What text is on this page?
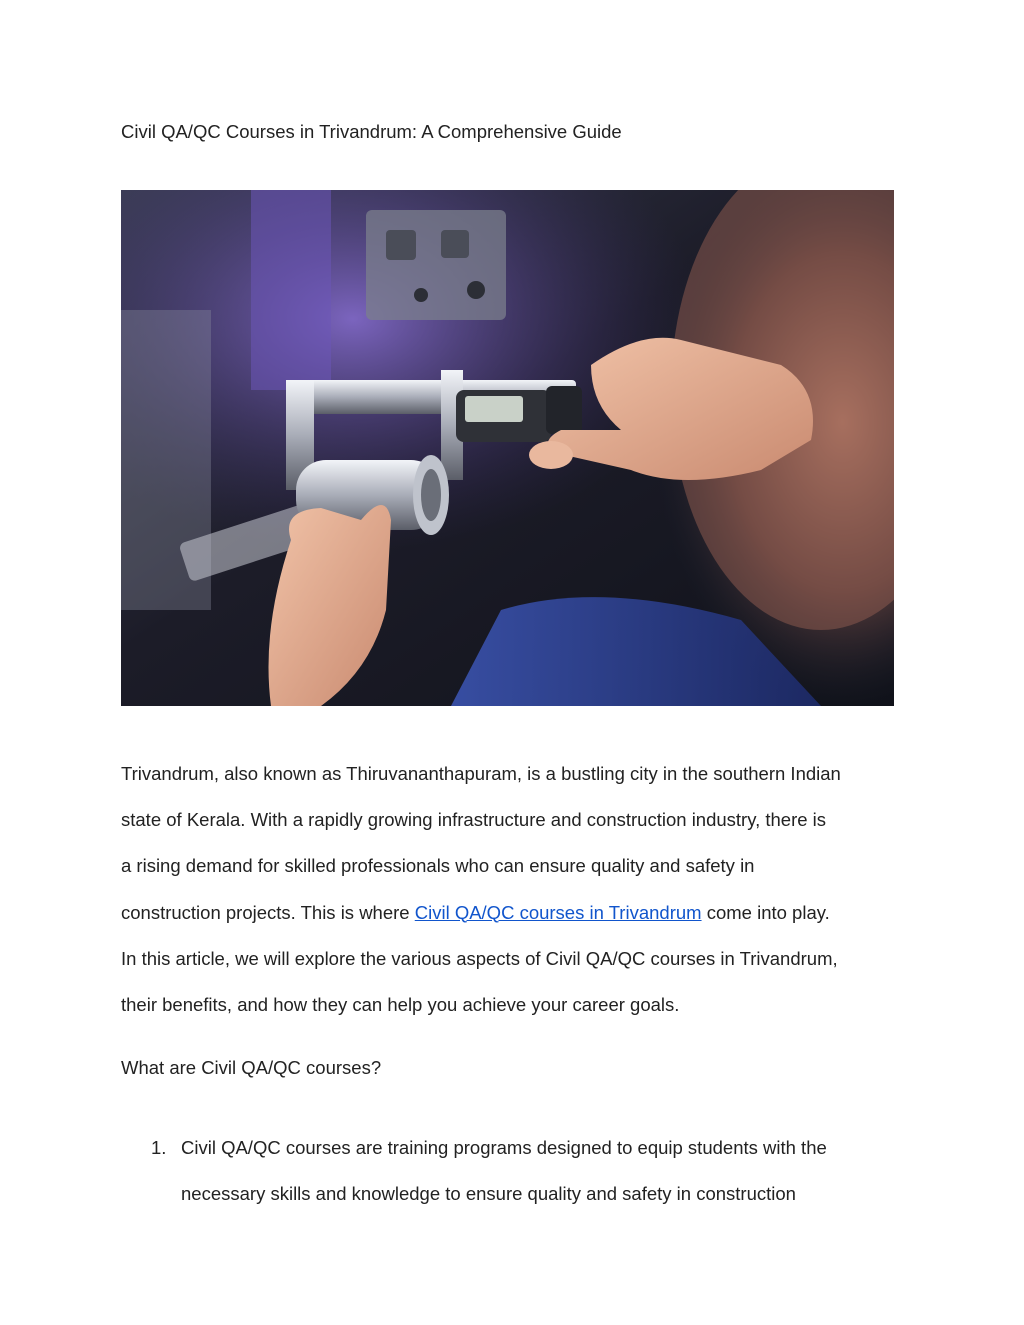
Civil QA/QC Courses in Trivandrum: A Comprehensive Guide
Trivandrum, also known as Thiruvananthapuram, is a bustling city in the southern Indian
state of Kerala. With a rapidly growing infrastructure and construction industry, there is
a rising demand for skilled professionals who can ensure quality and safety in
construction projects. This is where Civil QA/QC courses in Trivandrum come into play.
In this article, we will explore the various aspects of Civil QA/QC courses in Trivandrum,
their benefits, and how they can help you achieve your career goals.
What are Civil QA/QC courses?
1. Civil QA/QC courses are training programs designed to equip students with the
necessary skills and knowledge to ensure quality and safety in construction
